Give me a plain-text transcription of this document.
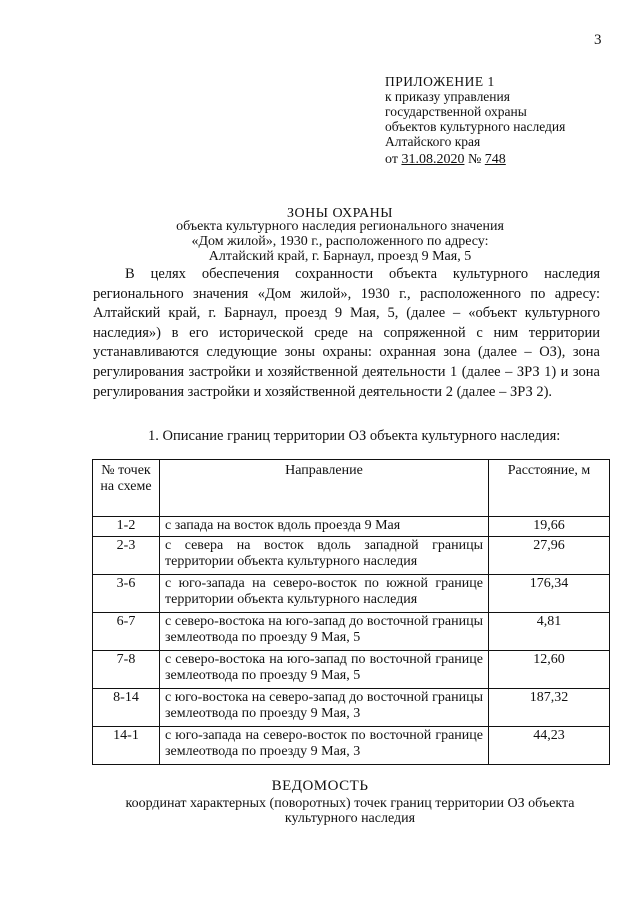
3
ПРИЛОЖЕНИЕ 1
к приказу управления
государственной охраны
объектов культурного наследия
Алтайского края
от 31.08.2020 № 748
ЗОНЫ ОХРАНЫ
объекта культурного наследия регионального значения
«Дом жилой», 1930 г., расположенного по адресу:
Алтайский край, г. Барнаул, проезд 9 Мая, 5

В целях обеспечения сохранности объекта культурного наследия регионального значения «Дом жилой», 1930 г., расположенного по адресу: Алтайский край, г. Барнаул, проезд 9 Мая, 5, (далее – «объект культурного наследия») в его исторической среде на сопряженной с ним территории устанавливаются следующие зоны охраны: охранная зона (далее – ОЗ), зона регулирования застройки и хозяйственной деятельности 1 (далее – ЗРЗ 1) и зона регулирования застройки и хозяйственной деятельности 2 (далее – ЗРЗ 2).

1. Описание границ территории ОЗ объекта культурного наследия:
№ точек на схеме	Направление	Расстояние, м
1-2	с запада на восток вдоль проезда 9 Мая	19,66
2-3	с севера на восток вдоль западной границы территории объекта культурного наследия	27,96
3-6	с юго-запада на северо-восток по южной границе территории объекта культурного наследия	176,34
6-7	с северо-востока на юго-запад до восточной границы землеотвода по проезду 9 Мая, 5	4,81
7-8	с северо-востока на юго-запад по восточной границе землеотвода по проезду 9 Мая, 5	12,60
8-14	с юго-востока на северо-запад до восточной границы землеотвода по проезду 9 Мая, 3	187,32
14-1	с юго-запада на северо-восток по восточной границе землеотвода по проезду 9 Мая, 3	44,23
ВЕДОМОСТЬ
координат характерных (поворотных) точек границ территории ОЗ объекта культурного наследия
